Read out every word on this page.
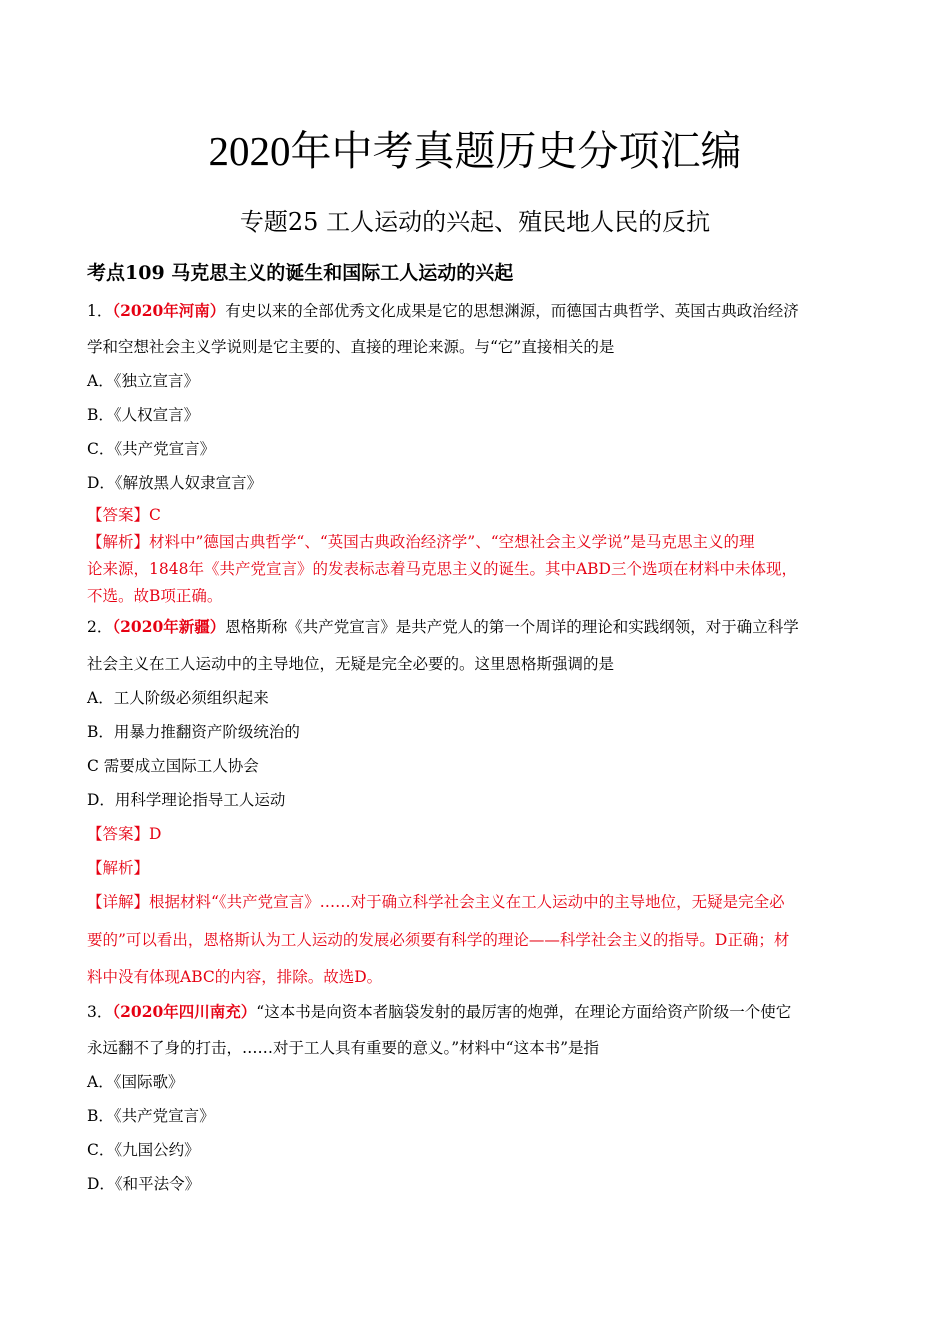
2020年中考真题历史分项汇编
专题25 工人运动的兴起、殖民地人民的反抗
考点109 马克思主义的诞生和国际工人运动的兴起
1．（2020年河南）有史以来的全部优秀文化成果是它的思想渊源，而德国古典哲学、英国古典政治经济
学和空想社会主义学说则是它主要的、直接的理论来源。与“它”直接相关的是
A．《独立宣言》
B．《人权宣言》
C．《共产党宣言》
D．《解放黑人奴隶宣言》
【答案】C
【解析】材料中”德国古典哲学“、“英国古典政治经济学”、“空想社会主义学说”是马克思主义的理
论来源，1848年《共产党宣言》的发表标志着马克思主义的诞生。其中ABD三个选项在材料中未体现，
不选。故B项正确。
2．（2020年新疆）恩格斯称《共产党宣言》是共产党人的第一个周详的理论和实践纲领，对于确立科学
社会主义在工人运动中的主导地位，无疑是完全必要的。这里恩格斯强调的是
A．工人阶级必须组织起来
B．用暴力推翻资产阶级统治的
C 需要成立国际工人协会
D．用科学理论指导工人运动
【答案】D
【解析】
【详解】根据材料“《共产党宣言》……对于确立科学社会主义在工人运动中的主导地位，无疑是完全必
要的”可以看出，恩格斯认为工人运动的发展必须要有科学的理论——科学社会主义的指导。D正确；材
料中没有体现ABC的内容，排除。故选D。
3．（2020年四川南充）“这本书是向资本者脑袋发射的最厉害的炮弹，在理论方面给资产阶级一个使它
永远翻不了身的打击，……对于工人具有重要的意义。”材料中“这本书”是指
A．《国际歌》
B．《共产党宣言》
C．《九国公约》
D．《和平法令》
